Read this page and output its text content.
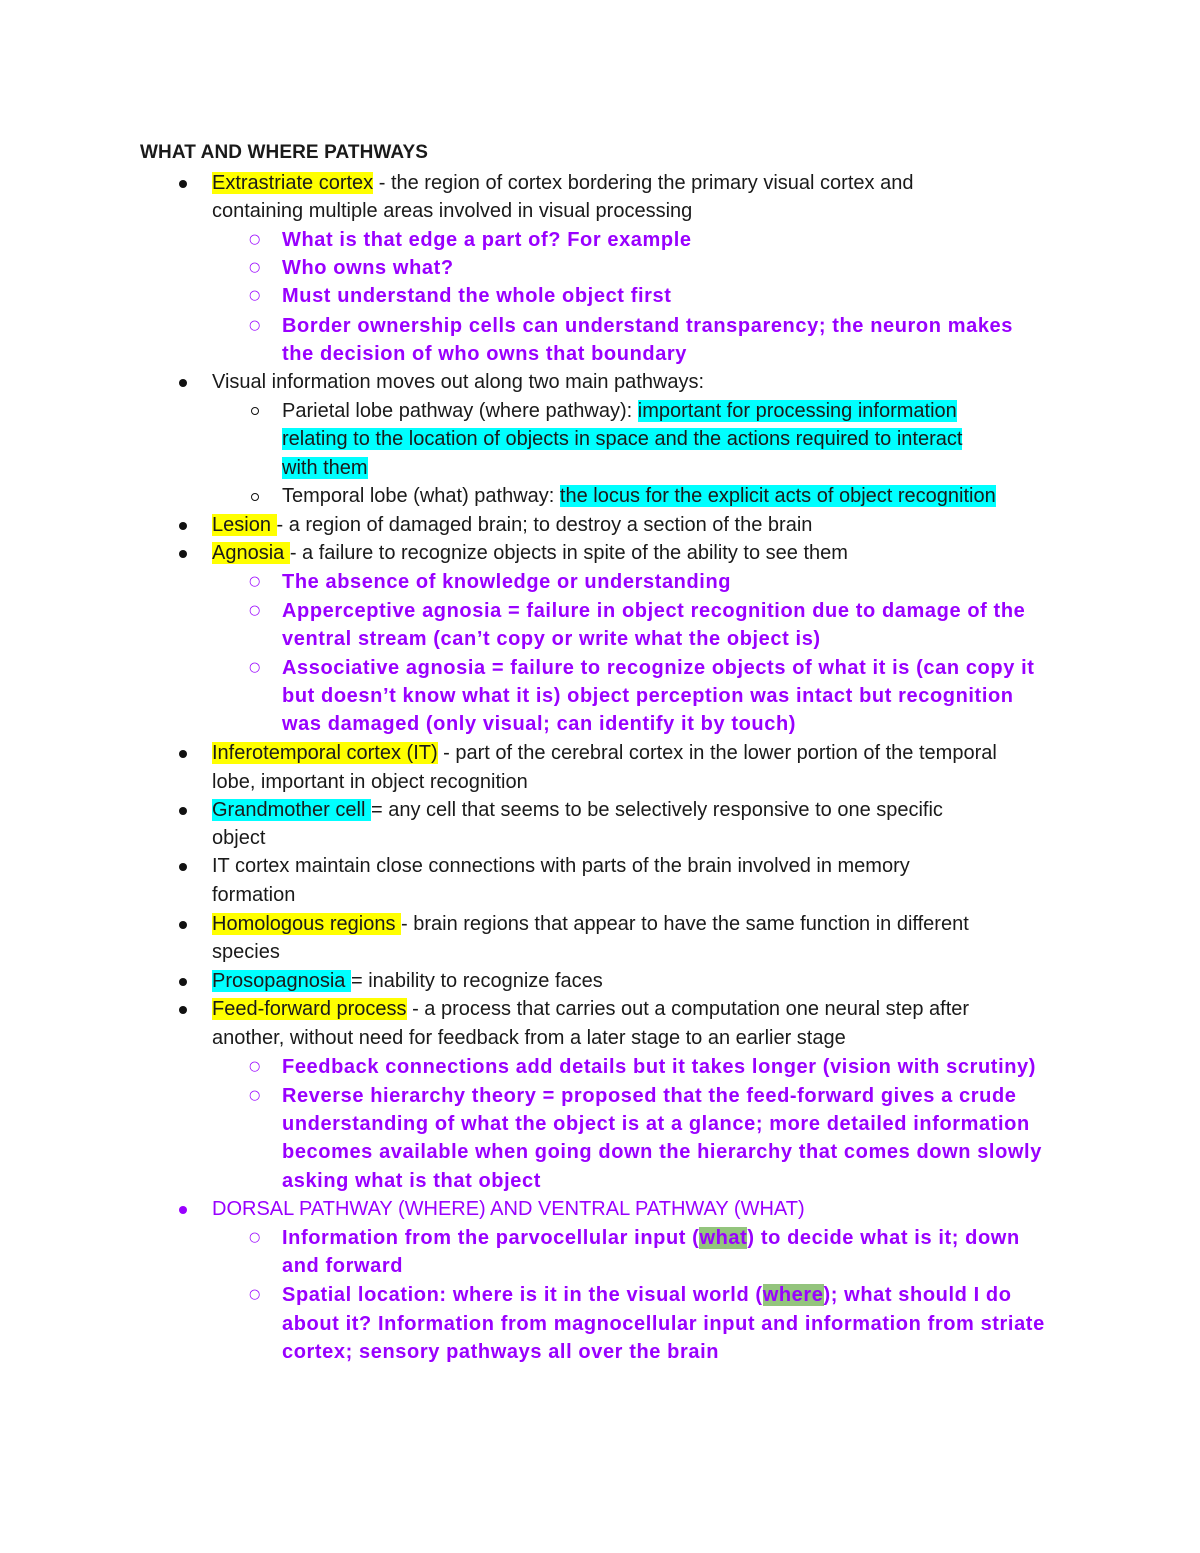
WHAT AND WHERE PATHWAYS
Extrastriate cortex - the region of cortex bordering the primary visual cortex and
containing multiple areas involved in visual processing
○ What is that edge a part of? For example
○ Who owns what?
○ Must understand the whole object first
○ Border ownership cells can understand transparency; the neuron makes
the decision of who owns that boundary
Visual information moves out along two main pathways:
Parietal lobe pathway (where pathway): important for processing information
relating to the location of objects in space and the actions required to interact
with them
Temporal lobe (what) pathway: the locus for the explicit acts of object recognition
Lesion - a region of damaged brain; to destroy a section of the brain
Agnosia - a failure to recognize objects in spite of the ability to see them
○ The absence of knowledge or understanding
○ Apperceptive agnosia = failure in object recognition due to damage of the
ventral stream (can’t copy or write what the object is)
○ Associative agnosia = failure to recognize objects of what it is (can copy it
but doesn’t know what it is) object perception was intact but recognition
was damaged (only visual; can identify it by touch)
Inferotemporal cortex (IT) - part of the cerebral cortex in the lower portion of the temporal
lobe, important in object recognition
Grandmother cell = any cell that seems to be selectively responsive to one specific
object
IT cortex maintain close connections with parts of the brain involved in memory
formation
Homologous regions - brain regions that appear to have the same function in different
species
Prosopagnosia = inability to recognize faces
Feed-forward process - a process that carries out a computation one neural step after
another, without need for feedback from a later stage to an earlier stage
○ Feedback connections add details but it takes longer (vision with scrutiny)
○ Reverse hierarchy theory = proposed that the feed-forward gives a crude
understanding of what the object is at a glance; more detailed information
becomes available when going down the hierarchy that comes down slowly
asking what is that object
DORSAL PATHWAY (WHERE) AND VENTRAL PATHWAY (WHAT)
○ Information from the parvocellular input (what) to decide what is it; down
and forward
○ Spatial location: where is it in the visual world (where); what should I do
about it? Information from magnocellular input and information from striate
cortex; sensory pathways all over the brain
